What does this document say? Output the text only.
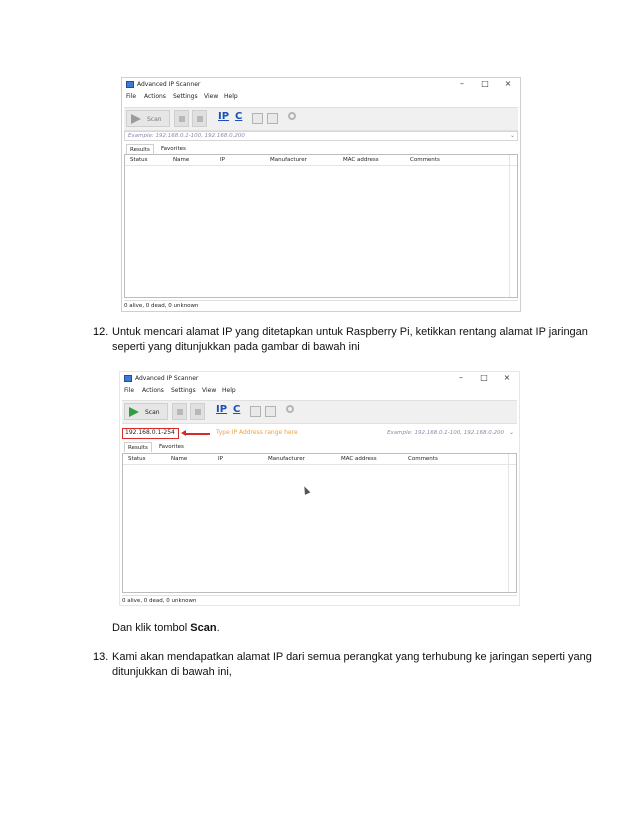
Advanced IP Scanner	–	□	×
File Actions Settings View Help
Scan	IP C
Example: 192.168.0.1-100, 192.168.0.200	⌄
Results	Favorites
Status	Name	IP	Manufacturer	MAC address	Comments
0 alive, 0 dead, 0 unknown
12. Untuk mencari alamat IP yang ditetapkan untuk Raspberry Pi, ketikkan rentang alamat IP jaringan
seperti yang ditunjukkan pada gambar di bawah ini
Advanced IP Scanner	–	□	×
File Actions Settings View Help
Scan	IP C
Example: 192.168.0.1-100, 192.168.0.200 ⌄
192.168.0.1-254	Type IP Address range here
Results	Favorites
Status	Name	IP	Manufacturer	MAC address	Comments
0 alive, 0 dead, 0 unknown
Dan klik tombol Scan.
13. Kami akan mendapatkan alamat IP dari semua perangkat yang terhubung ke jaringan seperti yang
ditunjukkan di bawah ini,
